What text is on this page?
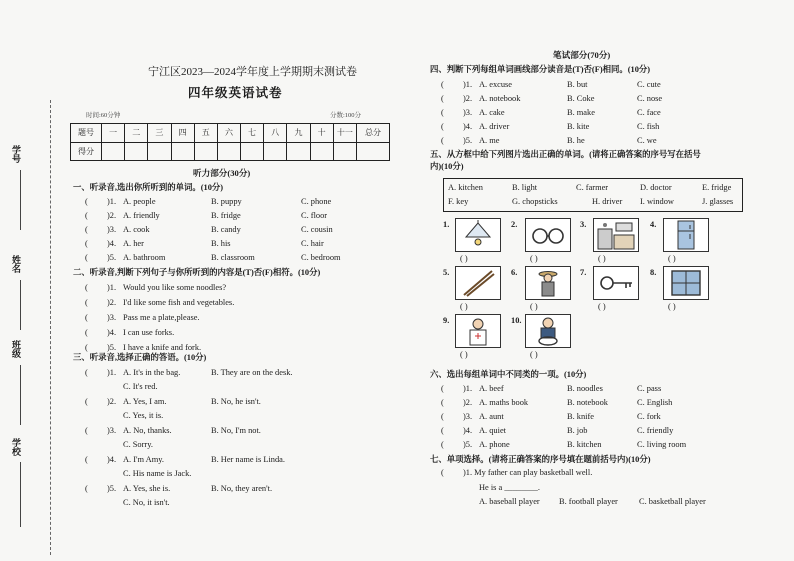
学号
姓名
班级
学校
宁江区2023—2024学年度上学期期末测试卷
四年级英语试卷
时间:60分钟	分数:100分
题号	一	二	三	四	五	六	七	八	九	十	十一	总分
得分												
听力部分(30分)
一、听录音,选出你所听到的单词。(10分)
( )1. A. people	B. puppy	C. phone
( )2. A. friendly	B. fridge	C. floor
( )3. A. cook	B. candy	C. cousin
( )4. A. her	B. his	C. hair
( )5. A. bathroom	B. classroom	C. bedroom
二、听录音,判断下列句子与你所听到的内容是(T)否(F)相符。(10分)
( )1. Would you like some noodles?
( )2. I'd like some fish and vegetables.
( )3. Pass me a plate,please.
( )4. I can use forks.
( )5. I have a knife and fork.
三、听录音,选择正确的答语。(10分)
( )1. A. It's in the bag.	B. They are on the desk.
C. It's red.
( )2. A. Yes, I am.	B. No, he isn't.
C. Yes, it is.
( )3. A. No, thanks.	B. No, I'm not.
C. Sorry.
( )4. A. I'm Amy.	B. Her name is Linda.
C. His name is Jack.
( )5. A. Yes, she is.	B. No, they aren't.
C. No, it isn't.
笔试部分(70分)
四、判断下列每组单词画线部分读音是(T)否(F)相同。(10分)
( )1. A. excuse	B. but	C. cute
( )2. A. notebook	B. Coke	C. nose
( )3. A. cake	B. make	C. face
( )4. A. driver	B. kite	C. fish
( )5. A. me	B. he	C. we
五、从方框中给下列图片选出正确的单词。(请将正确答案的序号写在括号
内)(10分)
A. kitchen	B. light	C. farmer	D. doctor	E. fridge
F. key	G. chopsticks	H. driver I. window	J. glasses
1.
( )
2.
( )
3.
( )
4.
( )
5.
( )
6.
( )
7.
( )
8.
( )
9.
( )
10.
( )
六、选出每组单词中不同类的一项。(10分)
( )1. A. beef	B. noodles	C. pass
( )2. A. maths book	B. notebook	C. English
( )3. A. aunt	B. knife	C. fork
( )4. A. quiet	B. job	C. friendly
( )5. A. phone	B. kitchen	C. living room
七、单项选择。(请将正确答案的序号填在题前括号内)(10分)
( )1. My father can play basketball well.
He is a ________.
A. baseball player B. football player	C. basketball player
